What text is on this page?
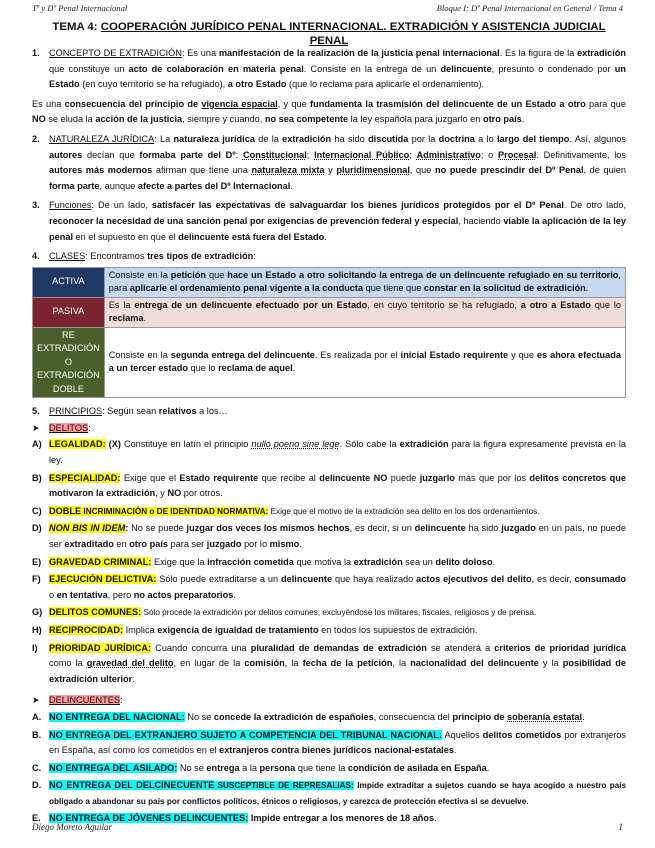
Tª y Dº Penal Internacional	Bloque I: Dº Penal Internacional en General / Tema 4
TEMA 4: COOPERACIÓN JURÍDICO PENAL INTERNACIONAL. EXTRADICIÓN Y ASISTENCIA JUDICIAL PENAL
1. CONCEPTO DE EXTRADICIÓN: Es una manifestación de la realización de la justicia penal internacional. Es la figura de la extradición que constituye un acto de colaboración en materia penal. Consiste en la entrega de un delincuente, presunto o condenado por un Estado (en cuyo territorio se ha refugiado), a otro Estado (que lo reclama para aplicarle el ordenamiento).
Es una consecuencia del principio de vigencia espacial, y que fundamenta la trasmisión del delincuente de un Estado a otro para que NO se eluda la acción de la justicia, siempre y cuando, no sea competente la ley española para juzgarlo en otro país.
2. NATURALEZA JURÍDICA: La naturaleza jurídica de la extradición ha sido discutida por la doctrina a lo largo del tiempo. Así, algunos autores decían que formaba parte del Dº: Constitucional; Internacional Público; Administrativo; o Procesal. Definitivamente, los autores más modernos afirman que tiene una naturaleza mixta y pluridimensional, que no puede prescindir del Dº Penal, de quien forma parte, aunque afecte a partes del Dº Internacional.
3. Funciones: De un lado, satisfacer las expectativas de salvaguardar los bienes jurídicos protegidos por el Dº Penal. De otro lado, reconocer la necesidad de una sanción penal por exigencias de prevención federal y especial, haciendo viable la aplicación de la ley penal en el supuesto en que el delincuente está fuera del Estado.
4. CLASES: Encontramos tres tipos de extradición:
ACTIVA	Consiste en la petición que hace un Estado a otro solicitando la entrega de un delincuente refugiado en su territorio, para aplicarle el ordenamiento penal vigente a la conducta que tiene que constar en la solicitud de extradición.
PASIVA	Es la entrega de un delincuente efectuado por un Estado, en cuyo territorio se ha refugiado, a otro a Estado que lo reclama.
RE EXTRADICIÓN O
EXTRADICIÓN DOBLE	Consiste en la segunda entrega del delincuente. Es realizada por el inicial Estado requirente y que es ahora efectuada a un tercer estado que lo reclama de aquel.
5. PRINCIPIOS: Según sean relativos a los…
➤ DELITOS:
A) LEGALIDAD: (X) Constituye en latín el principio nullo poeno sine lege. Sólo cabe la extradición para la figura expresamente prevista en la ley.
B) ESPECIALIDAD: Exige que el Estado requirente que recibe al delincuente NO puede juzgarlo más que por los delitos concretos que motivaron la extradición, y NO por otros.
C) DOBLE INCRIMINACIÓN o DE IDENTIDAD NORMATIVA: Exige que el motivo de la extradición sea delito en los dos ordenamientos.
D) NON BIS IN IDEM: No se puede juzgar dos veces los mismos hechos, es decir, si un delincuente ha sido juzgado en un país, no puede ser extraditado en otro país para ser juzgado por lo mismo.
E) GRAVEDAD CRIMINAL: Exige que la infracción cometida que motiva la extradición sea un delito doloso.
F) EJECUCIÓN DELICTIVA: Sólo puede extraditarse a un delincuente que haya realizado actos ejecutivos del delito, es decir, consumado o en tentativa, pero no actos preparatorios.
G) DELITOS COMUNES: Sólo procede la extradición por delitos comunes, excluyéndose los militares, fiscales, religiosos y de prensa.
H) RECIPROCIDAD: Implica exigencia de igualdad de tratamiento en todos los supuestos de extradición.
I) PRIORIDAD JURÍDICA: Cuando concurra una pluralidad de demandas de extradición se atenderá a criterios de prioridad jurídica como la gravedad del delito, en lugar de la comisión, la fecha de la petición, la nacionalidad del delincuente y la posibilidad de extradición ulterior.
➤ DELINCUENTES:
A. NO ENTREGA DEL NACIONAL: No se concede la extradición de españoles, consecuencia del principio de soberanía estatal.
B. NO ENTREGA DEL EXTRANJERO SUJETO A COMPETENCIA DEL TRIBUNAL NACIONAL: Aquellos delitos cometidos por extranjeros en España, así como los cometidos en el extranjeros contra bienes jurídicos nacional-estatales.
C. NO ENTREGA DEL ASILADO: No se entrega a la persona que tiene la condición de asilada en España.
D. NO ENTREGA DEL DELCINECUENTE SUSCEPTIBLE DE REPRESALIAS: Impide extraditar a sujetos cuando se haya acogido a nuestro país obligado a abandonar su país por conflictos políticos, étnicos o religiosos, y carezca de protección efectiva si se devuelve.
E. NO ENTREGA DE JÓVENES DELINCUENTES: Impide entregar a los menores de 18 años.
Diego Moreto Aguilar	1
